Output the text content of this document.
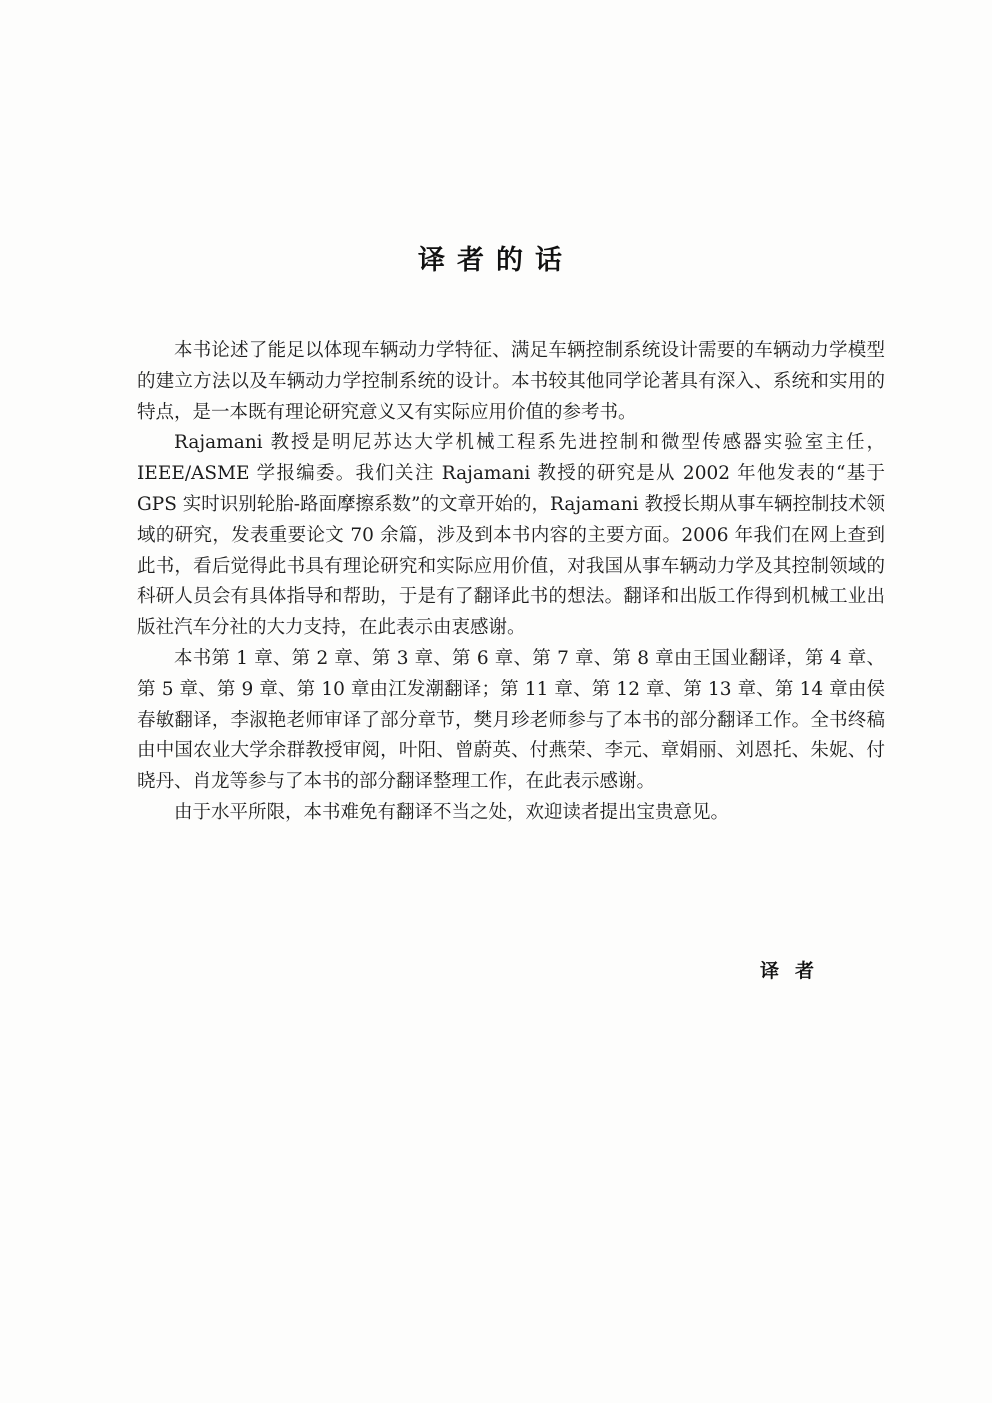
译者的话

本书论述了能足以体现车辆动力学特征、满足车辆控制系统设计需要的车辆动力学模型的建立方法以及车辆动力学控制系统的设计。本书较其他同学论著具有深入、系统和实用的特点，是一本既有理论研究意义又有实际应用价值的参考书。

Rajamani 教授是明尼苏达大学机械工程系先进控制和微型传感器实验室主任，IEEE/ASME 学报编委。我们关注 Rajamani 教授的研究是从 2002 年他发表的“基于 GPS 实时识别轮胎-路面摩擦系数”的文章开始的，Rajamani 教授长期从事车辆控制技术领域的研究，发表重要论文 70 余篇，涉及到本书内容的主要方面。2006 年我们在网上查到此书，看后觉得此书具有理论研究和实际应用价值，对我国从事车辆动力学及其控制领域的科研人员会有具体指导和帮助，于是有了翻译此书的想法。翻译和出版工作得到机械工业出版社汽车分社的大力支持，在此表示由衷感谢。

本书第 1 章、第 2 章、第 3 章、第 6 章、第 7 章、第 8 章由王国业翻译，第 4 章、第 5 章、第 9 章、第 10 章由江发潮翻译；第 11 章、第 12 章、第 13 章、第 14 章由侯春敏翻译，李淑艳老师审译了部分章节，樊月珍老师参与了本书的部分翻译工作。全书终稿由中国农业大学余群教授审阅，叶阳、曾蔚英、付燕荣、李元、章娟丽、刘恩托、朱妮、付晓丹、肖龙等参与了本书的部分翻译整理工作，在此表示感谢。

由于水平所限，本书难免有翻译不当之处，欢迎读者提出宝贵意见。

译者
